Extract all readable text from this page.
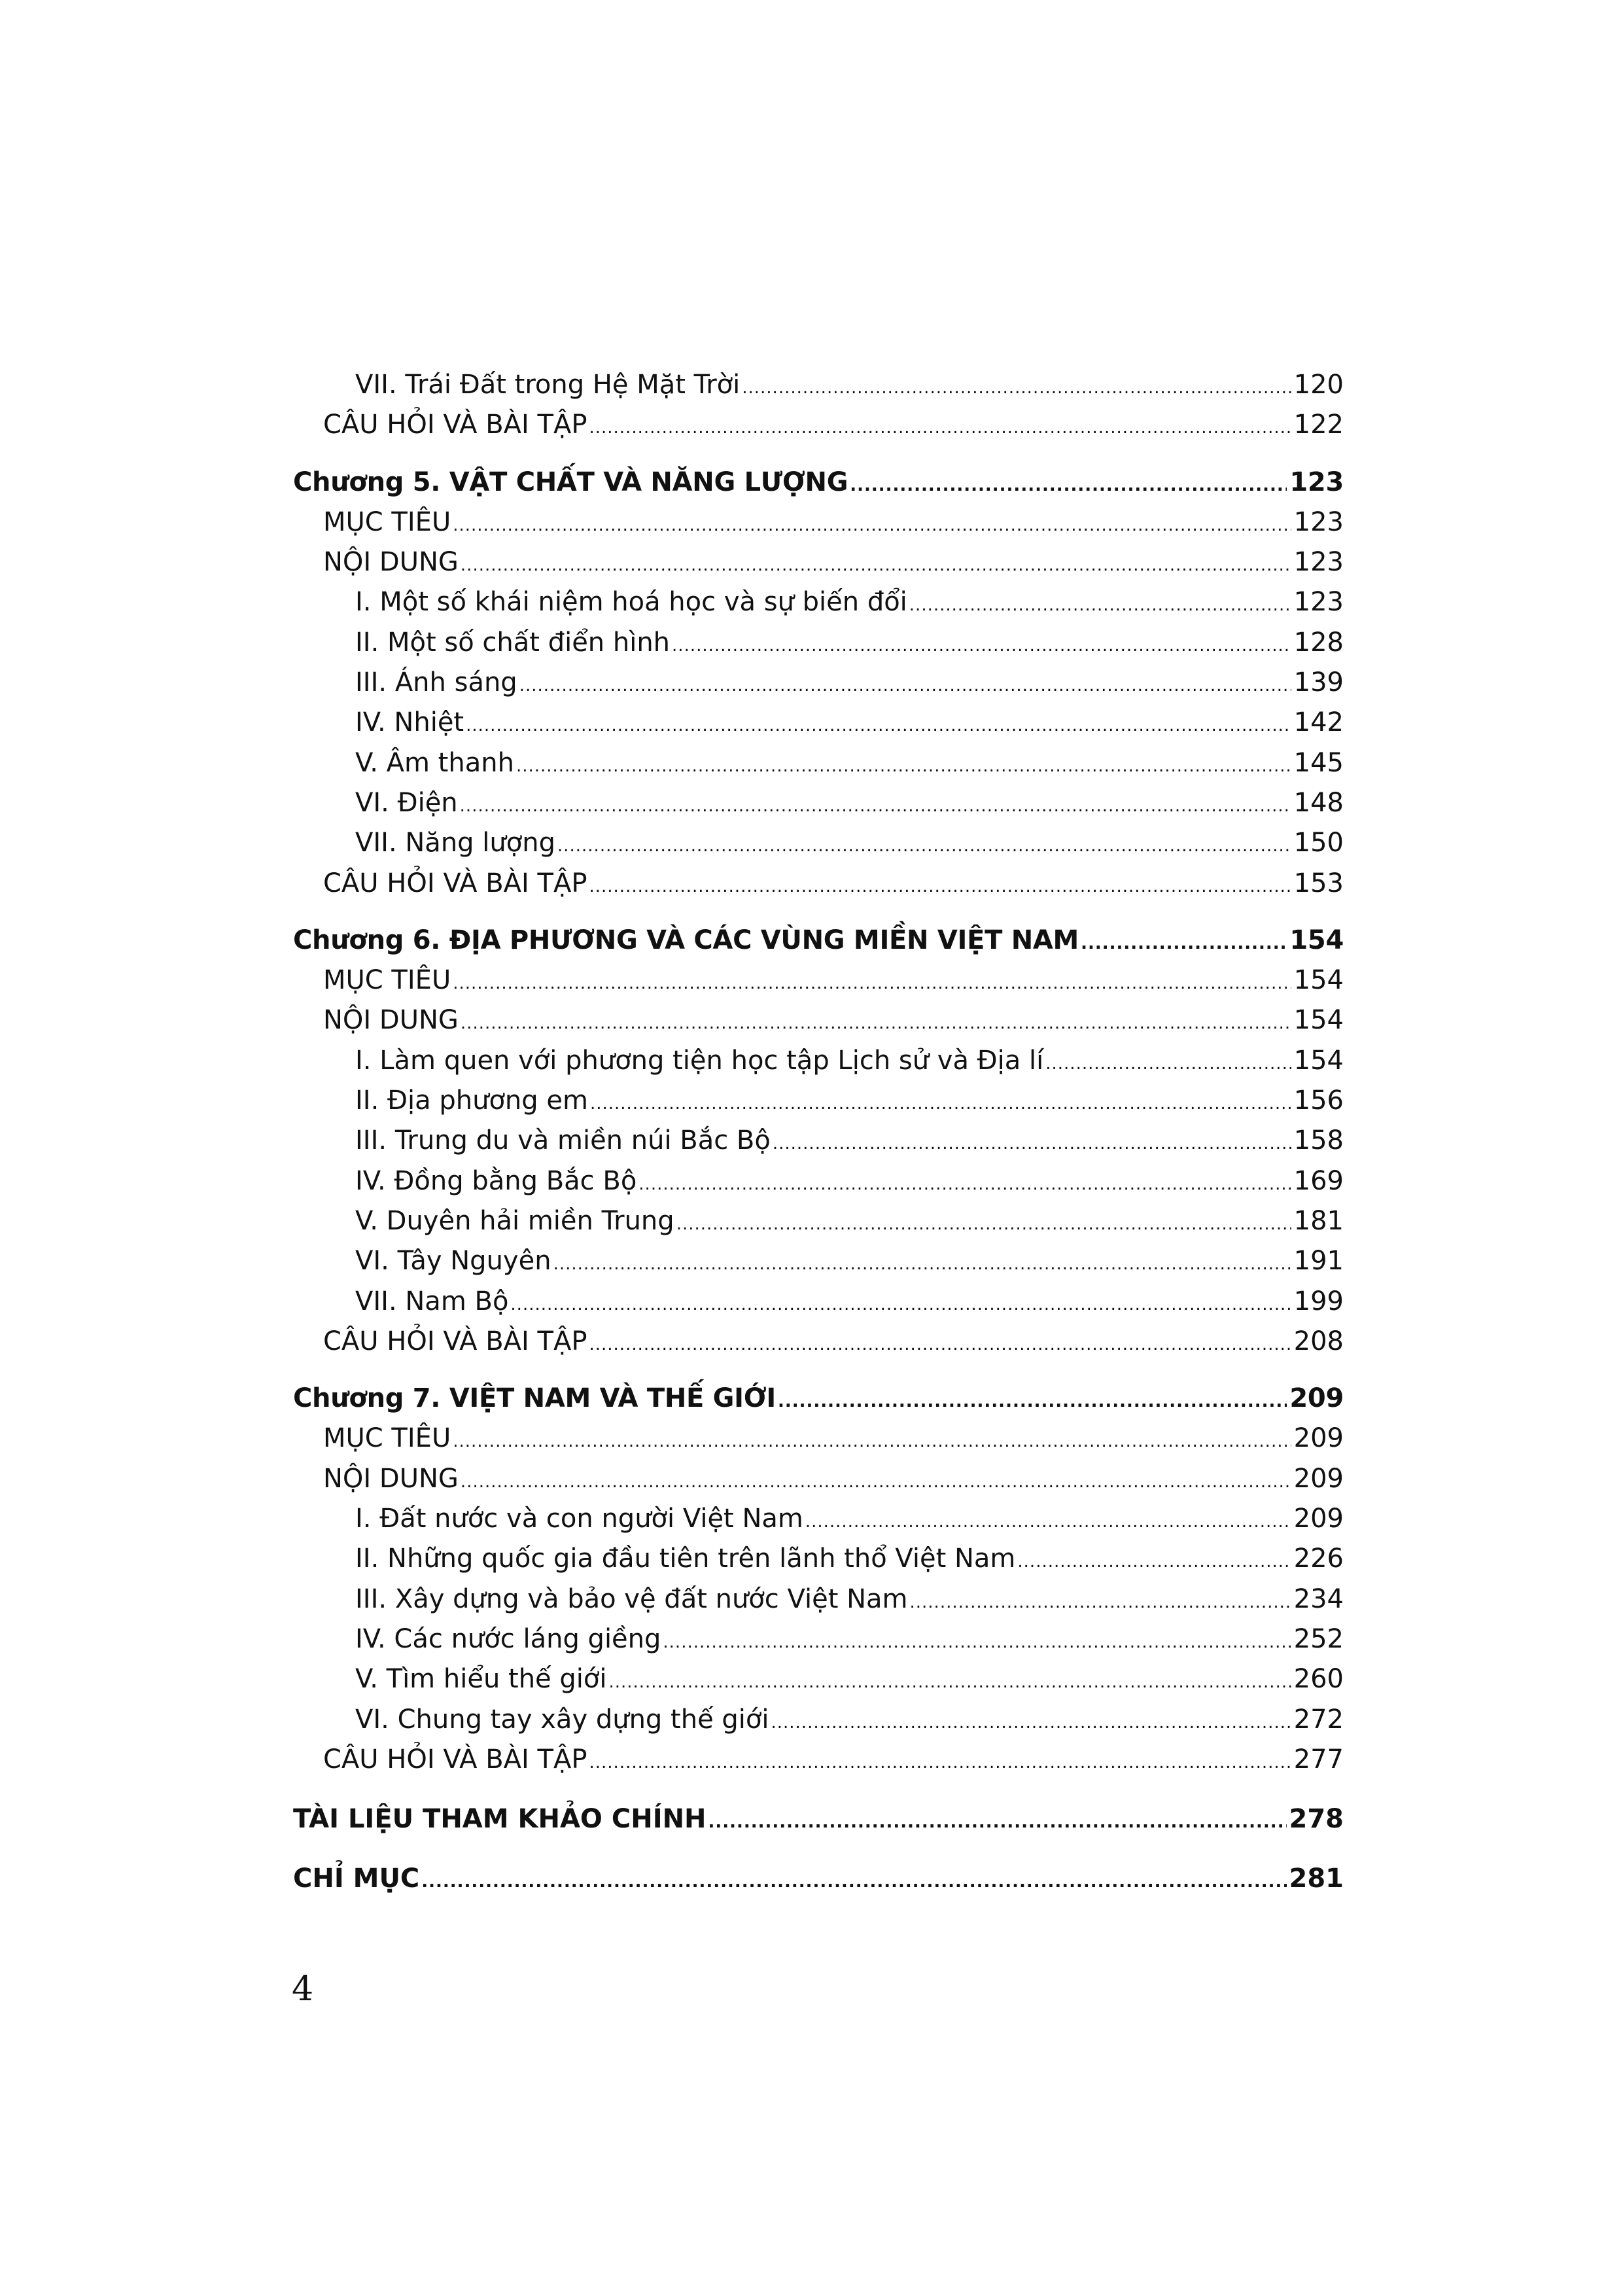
VII. Trái Đất trong Hệ Mặt Trời .....	120
CÂU HỎI VÀ BÀI TẬP .....	122
Chương 5. VẬT CHẤT VÀ NĂNG LƯỢNG .....	123
MỤC TIÊU .....	123
NỘI DUNG .....	123
I. Một số khái niệm hoá học và sự biến đổi .....	123
II. Một số chất điển hình .....	128
III. Ánh sáng .....	139
IV. Nhiệt .....	142
V. Âm thanh .....	145
VI. Điện .....	148
VII. Năng lượng .....	150
CÂU HỎI VÀ BÀI TẬP .....	153
Chương 6. ĐỊA PHƯƠNG VÀ CÁC VÙNG MIỀN VIỆT NAM .....	154
MỤC TIÊU .....	154
NỘI DUNG .....	154
I. Làm quen với phương tiện học tập Lịch sử và Địa lí .....	154
II. Địa phương em .....	156
III. Trung du và miền núi Bắc Bộ .....	158
IV. Đồng bằng Bắc Bộ .....	169
V. Duyên hải miền Trung .....	181
VI. Tây Nguyên .....	191
VII. Nam Bộ .....	199
CÂU HỎI VÀ BÀI TẬP .....	208
Chương 7. VIỆT NAM VÀ THẾ GIỚI .....	209
MỤC TIÊU .....	209
NỘI DUNG .....	209
I. Đất nước và con người Việt Nam .....	209
II. Những quốc gia đầu tiên trên lãnh thổ Việt Nam .....	226
III. Xây dựng và bảo vệ đất nước Việt Nam .....	234
IV. Các nước láng giềng .....	252
V. Tìm hiểu thế giới .....	260
VI. Chung tay xây dựng thế giới .....	272
CÂU HỎI VÀ BÀI TẬP .....	277
TÀI LIỆU THAM KHẢO CHÍNH .....	278
CHỈ MỤC .....	281
4
